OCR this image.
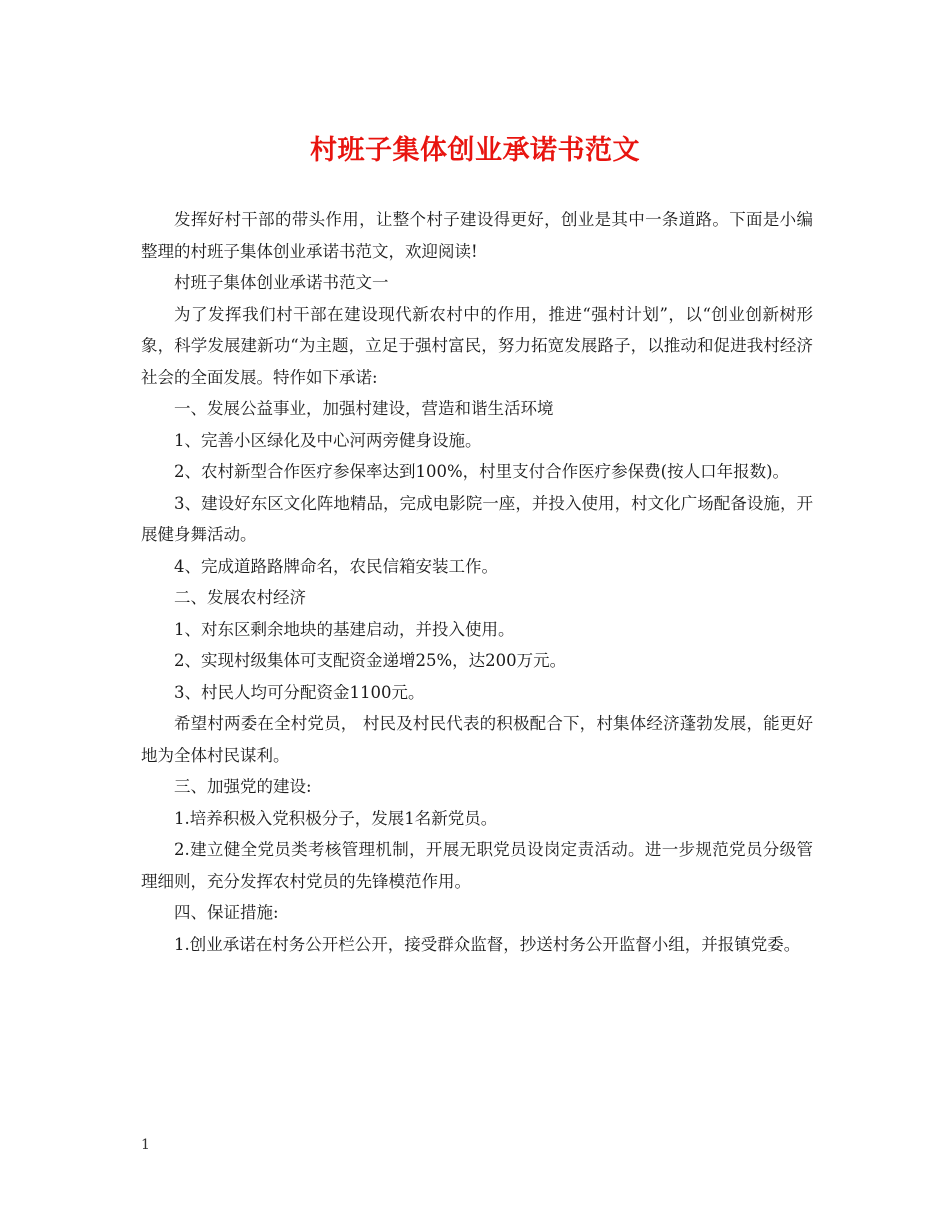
村班子集体创业承诺书范文

发挥好村干部的带头作用，让整个村子建设得更好，创业是其中一条道路。下面是小编整理的村班子集体创业承诺书范文，欢迎阅读!

村班子集体创业承诺书范文一

为了发挥我们村干部在建设现代新农村中的作用，推进“强村计划”，以“创业创新树形象，科学发展建新功“为主题，立足于强村富民，努力拓宽发展路子，以推动和促进我村经济社会的全面发展。特作如下承诺:

一、发展公益事业，加强村建设，营造和谐生活环境

1、完善小区绿化及中心河两旁健身设施。

2、农村新型合作医疗参保率达到100%，村里支付合作医疗参保费(按人口年报数)。

3、建设好东区文化阵地精品，完成电影院一座，并投入使用，村文化广场配备设施，开展健身舞活动。

4、完成道路路牌命名，农民信箱安装工作。

二、发展农村经济

1、对东区剩余地块的基建启动，并投入使用。

2、实现村级集体可支配资金递增25%，达200万元。

3、村民人均可分配资金1100元。

希望村两委在全村党员， 村民及村民代表的积极配合下，村集体经济蓬勃发展，能更好地为全体村民谋利。

三、加强党的建设:

1.培养积极入党积极分子，发展1名新党员。

2.建立健全党员类考核管理机制，开展无职党员设岗定责活动。进一步规范党员分级管理细则，充分发挥农村党员的先锋模范作用。

四、保证措施:

1.创业承诺在村务公开栏公开，接受群众监督，抄送村务公开监督小组，并报镇党委。

1
